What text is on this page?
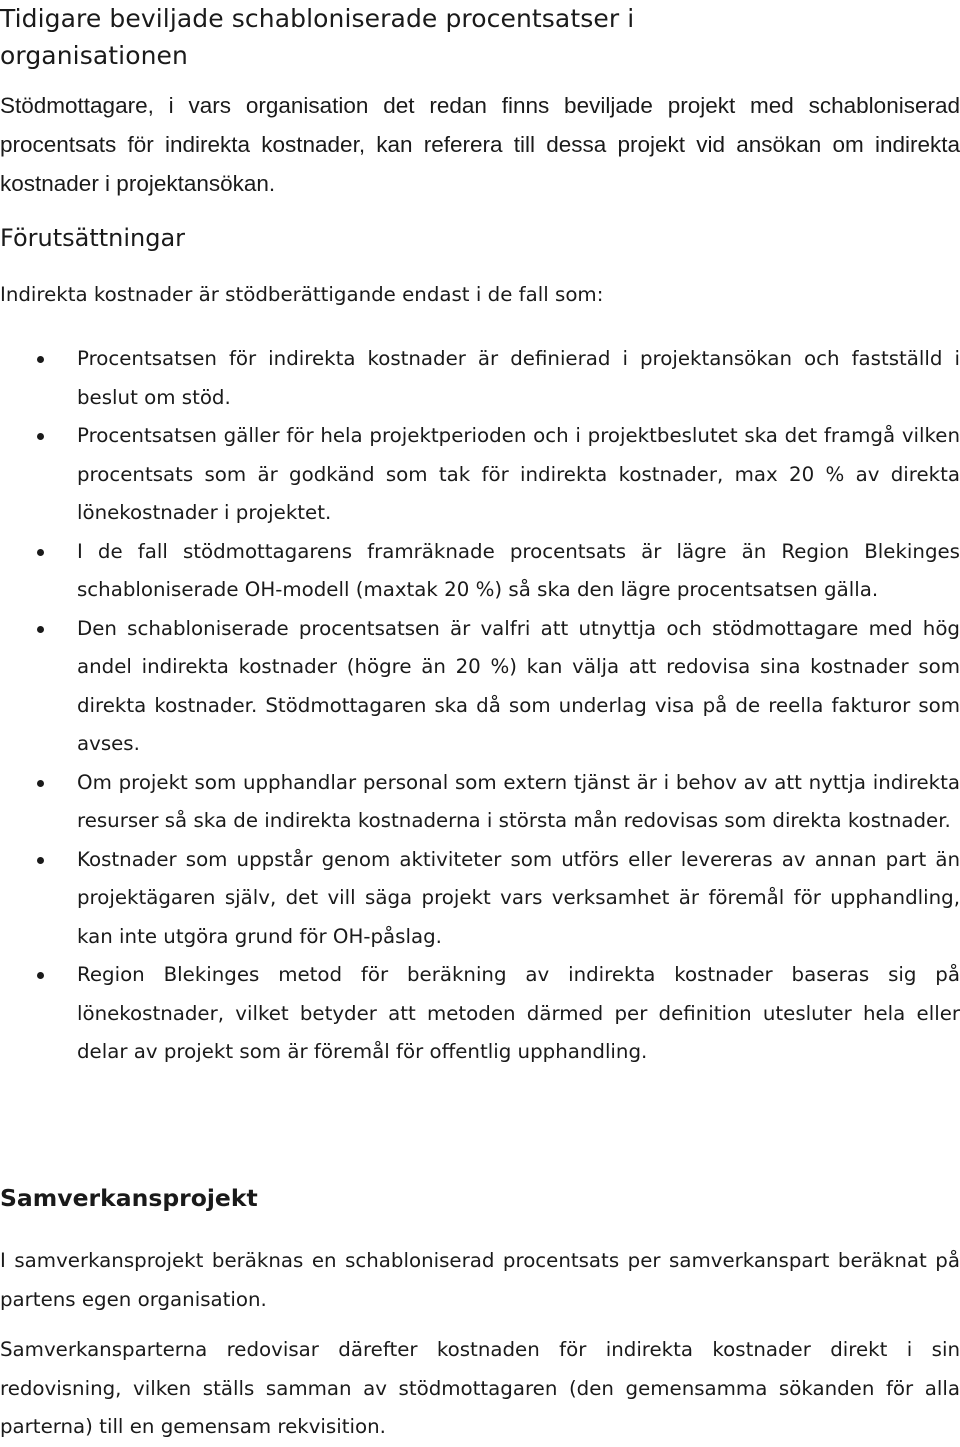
Tidigare beviljade schabloniserade procentsatser i organisationen

Stödmottagare, i vars organisation det redan finns beviljade projekt med schabloniserad procentsats för indirekta kostnader, kan referera till dessa projekt vid ansökan om indirekta kostnader i projektansökan.

Förutsättningar

Indirekta kostnader är stödberättigande endast i de fall som:

Procentsatsen för indirekta kostnader är definierad i projektansökan och fastställd i beslut om stöd.
Procentsatsen gäller för hela projektperioden och i projektbeslutet ska det framgå vilken procentsats som är godkänd som tak för indirekta kostnader, max 20 % av direkta lönekostnader i projektet.
I de fall stödmottagarens framräknade procentsats är lägre än Region Blekinges schabloniserade OH-modell (maxtak 20 %) så ska den lägre procentsatsen gälla.
Den schabloniserade procentsatsen är valfri att utnyttja och stödmottagare med hög andel indirekta kostnader (högre än 20 %) kan välja att redovisa sina kostnader som direkta kostnader. Stödmottagaren ska då som underlag visa på de reella fakturor som avses.
Om projekt som upphandlar personal som extern tjänst är i behov av att nyttja indirekta resurser så ska de indirekta kostnaderna i största mån redovisas som direkta kostnader.
Kostnader som uppstår genom aktiviteter som utförs eller levereras av annan part än projektägaren själv, det vill säga projekt vars verksamhet är föremål för upphandling, kan inte utgöra grund för OH-påslag.
Region Blekinges metod för beräkning av indirekta kostnader baseras sig på lönekostnader, vilket betyder att metoden därmed per definition utesluter hela eller delar av projekt som är föremål för offentlig upphandling.
Samverkansprojekt

I samverkansprojekt beräknas en schabloniserad procentsats per samverkanspart beräknat på partens egen organisation.

Samverkansparterna redovisar därefter kostnaden för indirekta kostnader direkt i sin redovisning, vilken ställs samman av stödmottagaren (den gemensamma sökanden för alla parterna) till en gemensam rekvisition.
